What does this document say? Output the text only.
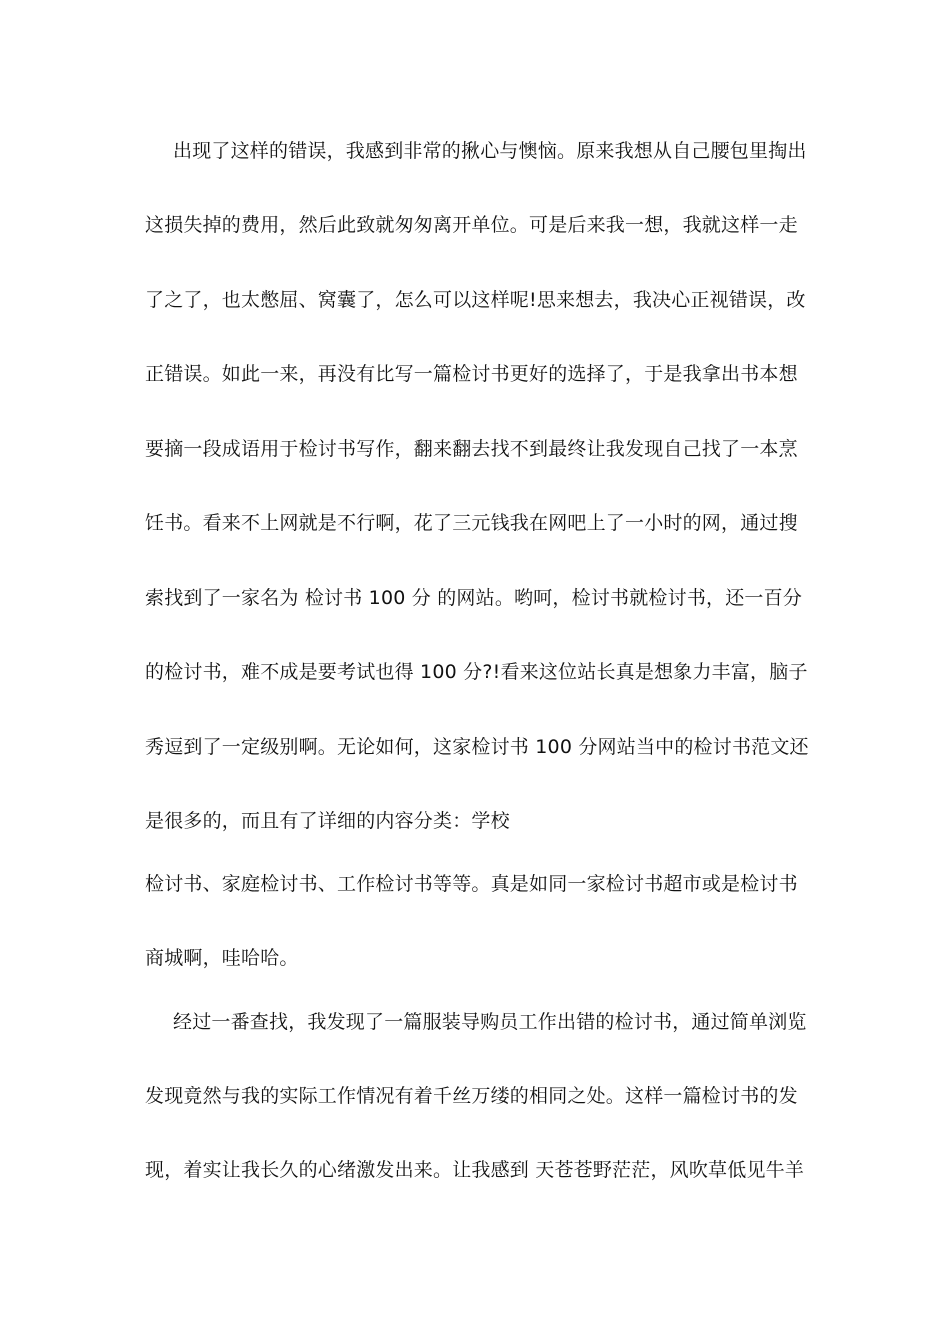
出现了这样的错误，我感到非常的揪心与懊恼。原来我想从自己腰包里掏出
这损失掉的费用，然后此致就匆匆离开单位。可是后来我一想，我就这样一走
了之了，也太憋屈、窝囊了，怎么可以这样呢!思来想去，我决心正视错误，改
正错误。如此一来，再没有比写一篇检讨书更好的选择了，于是我拿出书本想
要摘一段成语用于检讨书写作，翻来翻去找不到最终让我发现自己找了一本烹
饪书。看来不上网就是不行啊，花了三元钱我在网吧上了一小时的网，通过搜
索找到了一家名为 检讨书 100 分 的网站。哟呵，检讨书就检讨书，还一百分
的检讨书，难不成是要考试也得 100 分?!看来这位站长真是想象力丰富，脑子
秀逗到了一定级别啊。无论如何，这家检讨书 100 分网站当中的检讨书范文还
是很多的，而且有了详细的内容分类：学校
检讨书、家庭检讨书、工作检讨书等等。真是如同一家检讨书超市或是检讨书
商城啊，哇哈哈。
经过一番查找，我发现了一篇服装导购员工作出错的检讨书，通过简单浏览
发现竟然与我的实际工作情况有着千丝万缕的相同之处。这样一篇检讨书的发
现，着实让我长久的心绪激发出来。让我感到 天苍苍野茫茫，风吹草低见牛羊
